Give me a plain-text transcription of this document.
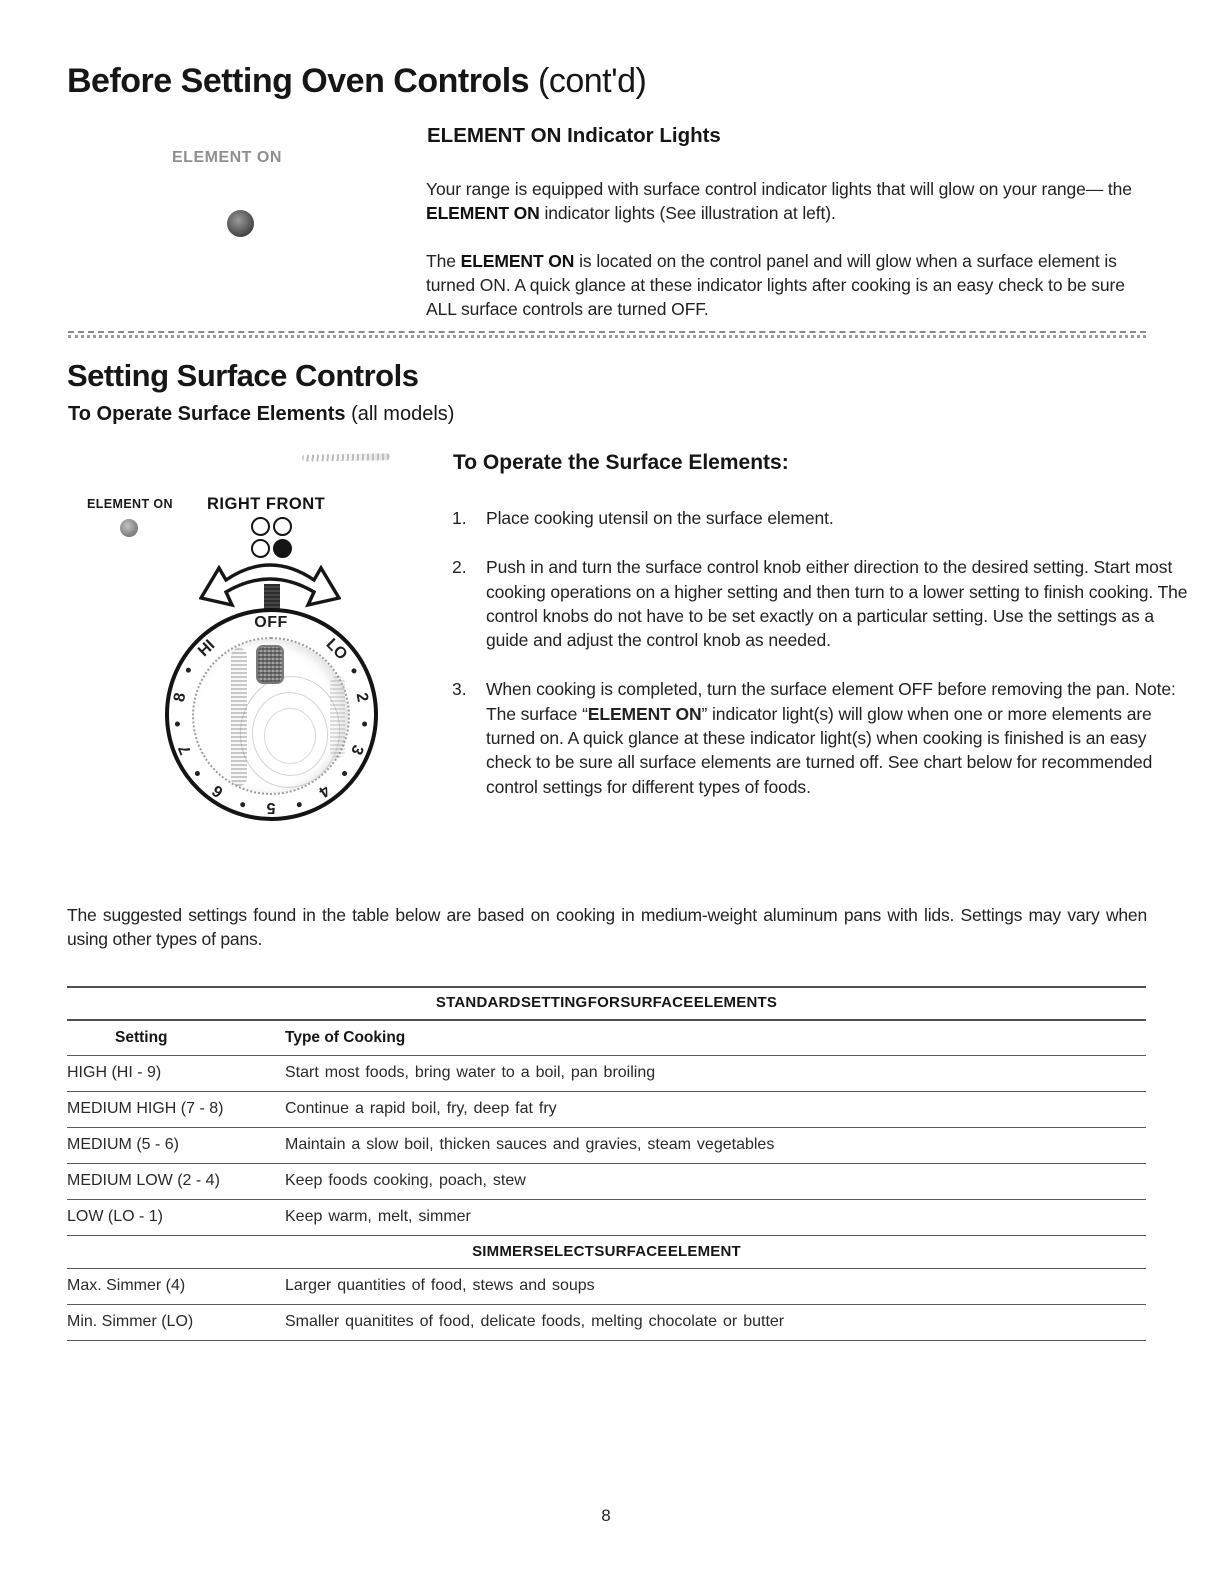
Before Setting Oven Controls (cont'd)
ELEMENT ON
ELEMENT ON Indicator Lights
Your range is equipped with surface control indicator lights that will glow on your range— the ELEMENT ON indicator lights (See illustration at left).
The ELEMENT ON is located on the control panel and will glow when a surface element is turned ON. A quick glance at these indicator lights after cooking is an easy check to be sure ALL surface controls are turned OFF.
Setting Surface Controls
To Operate Surface Elements (all models)
To Operate the Surface Elements:
1.	Place cooking utensil on the surface element.
2.	Push in and turn the surface control knob either direction to the desired setting. Start most cooking operations on a higher setting and then turn to a lower setting to finish cooking. The control knobs do not have to be set exactly on a particular setting. Use the settings as a guide and adjust the control knob as needed.
3.	When cooking is completed, turn the surface element OFF before removing the pan. Note: The surface “ELEMENT ON” indicator light(s) will glow when one or more elements are turned on. A quick glance at these indicator light(s) when cooking is finished is an easy check to be sure all surface elements are turned off. See chart below for recommended control settings for different types of foods.
ELEMENT ON RIGHT FRONT
OFF
LO
2
3
4
5
6
7
8
HI
The suggested settings found in the table below are based on cooking in medium-weight aluminum pans with lids. Settings may vary when using other types of pans.
STANDARD SETTING FOR SURFACE ELEMENTS
Setting	Type of Cooking
HIGH (HI - 9)	Start most foods, bring water to a boil, pan broiling
MEDIUM HIGH (7 - 8)	Continue a rapid boil, fry, deep fat fry
MEDIUM (5 - 6)	Maintain a slow boil, thicken sauces and gravies, steam vegetables
MEDIUM LOW (2 - 4)	Keep foods cooking, poach, stew
LOW (LO - 1)	Keep warm, melt, simmer
SIMMER SELECT SURFACE ELEMENT
Max. Simmer (4)	Larger quantities of food, stews and soups
Min. Simmer (LO)	Smaller quanitites of food, delicate foods, melting chocolate or butter
8
